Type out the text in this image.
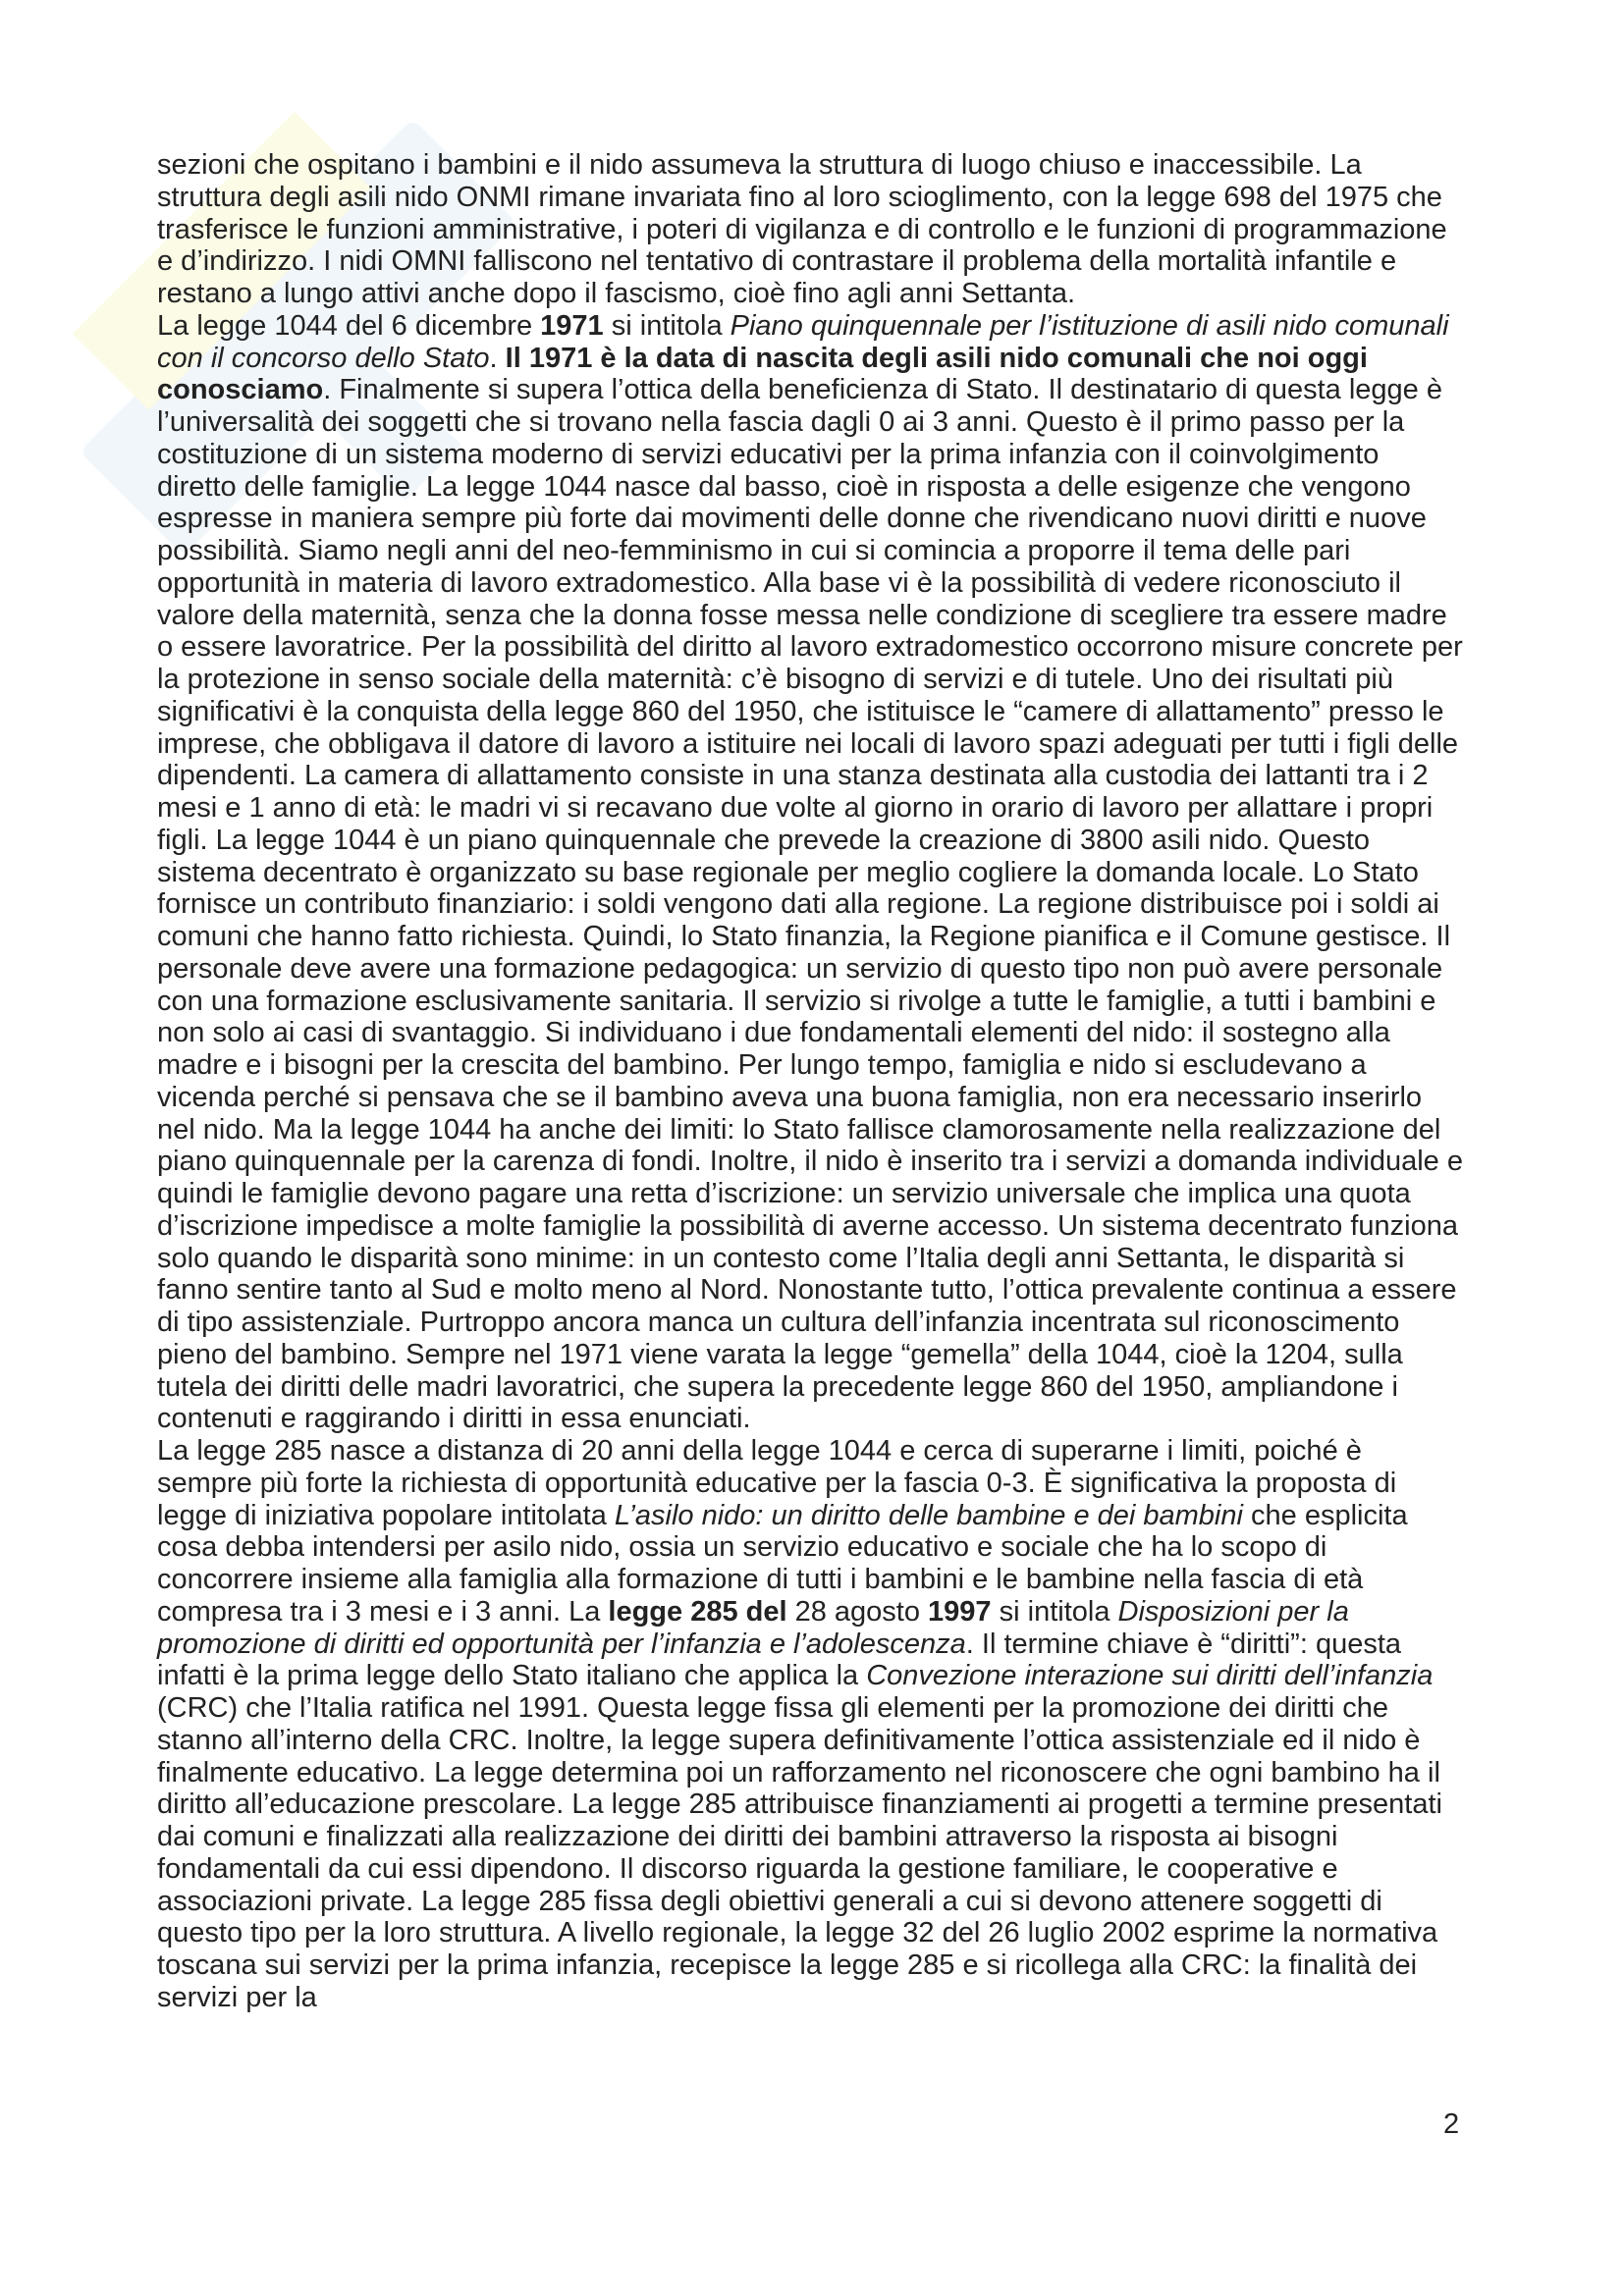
sezioni che ospitano i bambini e il nido assumeva la struttura di luogo chiuso e inaccessibile. La struttura degli asili nido ONMI rimane invariata fino al loro scioglimento, con la legge 698 del 1975 che trasferisce le funzioni amministrative, i poteri di vigilanza e di controllo e le funzioni di programmazione e d’indirizzo. I nidi OMNI falliscono nel tentativo di contrastare il problema della mortalità infantile e restano a lungo attivi anche dopo il fascismo, cioè fino agli anni Settanta.

La legge 1044 del 6 dicembre 1971 si intitola Piano quinquennale per l’istituzione di asili nido comunali con il concorso dello Stato. Il 1971 è la data di nascita degli asili nido comunali che noi oggi conosciamo. Finalmente si supera l’ottica della beneficienza di Stato. Il destinatario di questa legge è l’universalità dei soggetti che si trovano nella fascia dagli 0 ai 3 anni. Questo è il primo passo per la costituzione di un sistema moderno di servizi educativi per la prima infanzia con il coinvolgimento diretto delle famiglie. La legge 1044 nasce dal basso, cioè in risposta a delle esigenze che vengono espresse in maniera sempre più forte dai movimenti delle donne che rivendicano nuovi diritti e nuove possibilità. Siamo negli anni del neo-femminismo in cui si comincia a proporre il tema delle pari opportunità in materia di lavoro extradomestico. Alla base vi è la possibilità di vedere riconosciuto il valore della maternità, senza che la donna fosse messa nelle condizione di scegliere tra essere madre o essere lavoratrice. Per la possibilità del diritto al lavoro extradomestico occorrono misure concrete per la protezione in senso sociale della maternità: c’è bisogno di servizi e di tutele. Uno dei risultati più significativi è la conquista della legge 860 del 1950, che istituisce le “camere di allattamento” presso le imprese, che obbligava il datore di lavoro a istituire nei locali di lavoro spazi adeguati per tutti i figli delle dipendenti. La camera di allattamento consiste in una stanza destinata alla custodia dei lattanti tra i 2 mesi e 1 anno di età: le madri vi si recavano due volte al giorno in orario di lavoro per allattare i propri figli. La legge 1044 è un piano quinquennale che prevede la creazione di 3800 asili nido. Questo sistema decentrato è organizzato su base regionale per meglio cogliere la domanda locale. Lo Stato fornisce un contributo finanziario: i soldi vengono dati alla regione. La regione distribuisce poi i soldi ai comuni che hanno fatto richiesta. Quindi, lo Stato finanzia, la Regione pianifica e il Comune gestisce. Il personale deve avere una formazione pedagogica: un servizio di questo tipo non può avere personale con una formazione esclusivamente sanitaria. Il servizio si rivolge a tutte le famiglie, a tutti i bambini e non solo ai casi di svantaggio. Si individuano i due fondamentali elementi del nido: il sostegno alla madre e i bisogni per la crescita del bambino. Per lungo tempo, famiglia e nido si escludevano a vicenda perché si pensava che se il bambino aveva una buona famiglia, non era necessario inserirlo nel nido. Ma la legge 1044 ha anche dei limiti: lo Stato fallisce clamorosamente nella realizzazione del piano quinquennale per la carenza di fondi. Inoltre, il nido è inserito tra i servizi a domanda individuale e quindi le famiglie devono pagare una retta d’iscrizione: un servizio universale che implica una quota d’iscrizione impedisce a molte famiglie la possibilità di averne accesso. Un sistema decentrato funziona solo quando le disparità sono minime: in un contesto come l’Italia degli anni Settanta, le disparità si fanno sentire tanto al Sud e molto meno al Nord. Nonostante tutto, l’ottica prevalente continua a essere di tipo assistenziale. Purtroppo ancora manca un cultura dell’infanzia incentrata sul riconoscimento pieno del bambino. Sempre nel 1971 viene varata la legge “gemella” della 1044, cioè la 1204, sulla tutela dei diritti delle madri lavoratrici, che supera la precedente legge 860 del 1950, ampliandone i contenuti e raggirando i diritti in essa enunciati.

La legge 285 nasce a distanza di 20 anni della legge 1044 e cerca di superarne i limiti, poiché è sempre più forte la richiesta di opportunità educative per la fascia 0-3. È significativa la proposta di legge di iniziativa popolare intitolata L’asilo nido: un diritto delle bambine e dei bambini che esplicita cosa debba intendersi per asilo nido, ossia un servizio educativo e sociale che ha lo scopo di concorrere insieme alla famiglia alla formazione di tutti i bambini e le bambine nella fascia di età compresa tra i 3 mesi e i 3 anni. La legge 285 del 28 agosto 1997 si intitola Disposizioni per la promozione di diritti ed opportunità per l’infanzia e l’adolescenza. Il termine chiave è “diritti”: questa infatti è la prima legge dello Stato italiano che applica la Convezione interazione sui diritti dell’infanzia (CRC) che l’Italia ratifica nel 1991. Questa legge fissa gli elementi per la promozione dei diritti che stanno all’interno della CRC. Inoltre, la legge supera definitivamente l’ottica assistenziale ed il nido è finalmente educativo. La legge determina poi un rafforzamento nel riconoscere che ogni bambino ha il diritto all’educazione prescolare. La legge 285 attribuisce finanziamenti ai progetti a termine presentati dai comuni e finalizzati alla realizzazione dei diritti dei bambini attraverso la risposta ai bisogni fondamentali da cui essi dipendono. Il discorso riguarda la gestione familiare, le cooperative e associazioni private. La legge 285 fissa degli obiettivi generali a cui si devono attenere soggetti di questo tipo per la loro struttura. A livello regionale, la legge 32 del 26 luglio 2002 esprime la normativa toscana sui servizi per la prima infanzia, recepisce la legge 285 e si ricollega alla CRC: la finalità dei servizi per la

2
